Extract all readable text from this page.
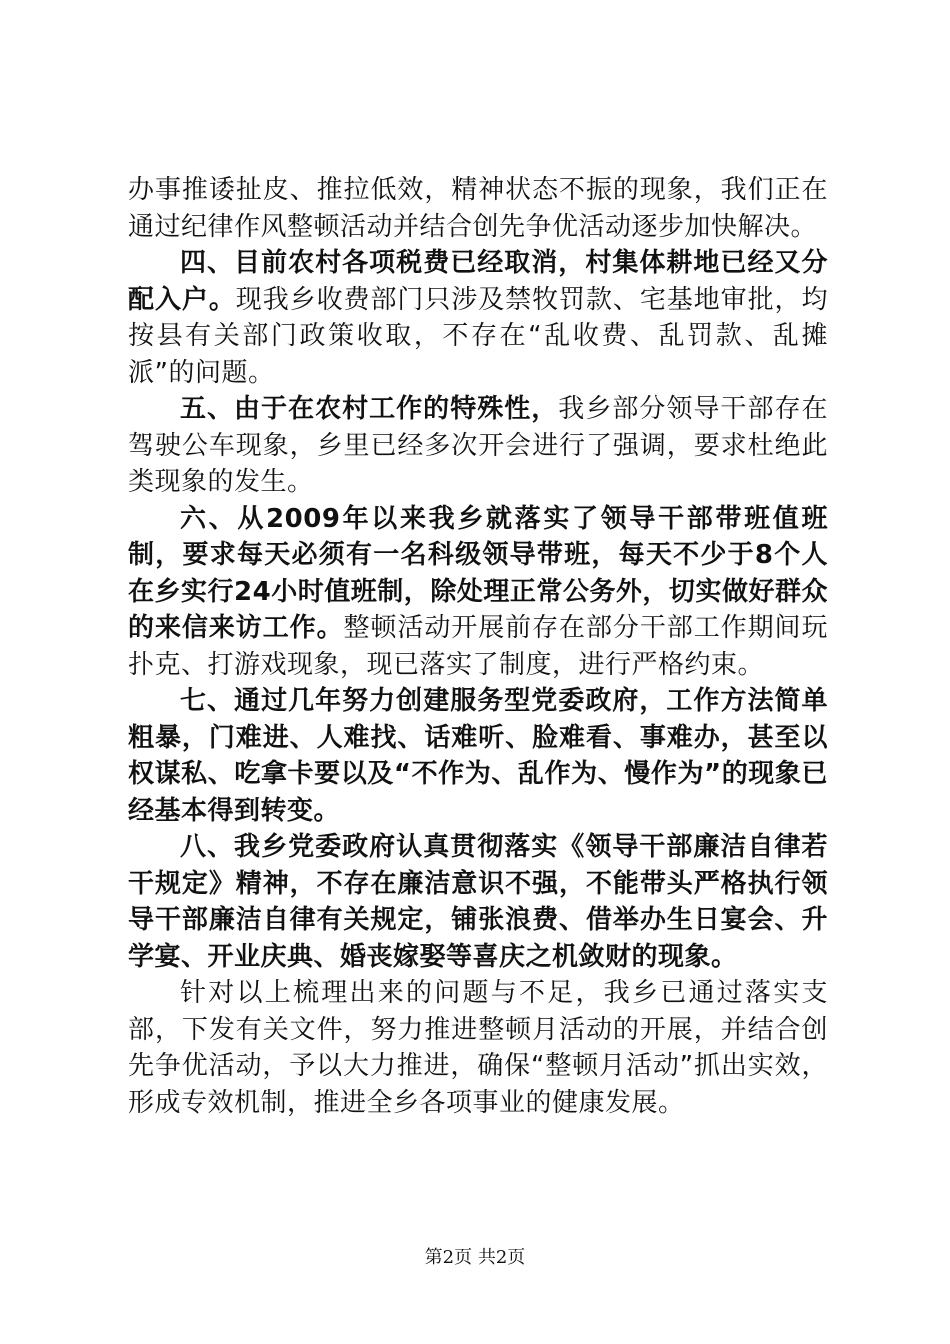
办事推诿扯皮、推拉低效，精神状态不振的现象，我们正在通过纪律作风整顿活动并结合创先争优活动逐步加快解决。

四、目前农村各项税费已经取消，村集体耕地已经又分配入户。现我乡收费部门只涉及禁牧罚款、宅基地审批，均按县有关部门政策收取，不存在“乱收费、乱罚款、乱摊派”的问题。

五、由于在农村工作的特殊性，我乡部分领导干部存在驾驶公车现象，乡里已经多次开会进行了强调，要求杜绝此类现象的发生。

六、从2009年以来我乡就落实了领导干部带班值班制，要求每天必须有一名科级领导带班，每天不少于8个人在乡实行24小时值班制，除处理正常公务外，切实做好群众的来信来访工作。整顿活动开展前存在部分干部工作期间玩扑克、打游戏现象，现已落实了制度，进行严格约束。

七、通过几年努力创建服务型党委政府，工作方法简单粗暴，门难进、人难找、话难听、脸难看、事难办，甚至以权谋私、吃拿卡要以及“不作为、乱作为、慢作为”的现象已经基本得到转变。

八、我乡党委政府认真贯彻落实《领导干部廉洁自律若干规定》精神，不存在廉洁意识不强，不能带头严格执行领导干部廉洁自律有关规定，铺张浪费、借举办生日宴会、升学宴、开业庆典、婚丧嫁娶等喜庆之机敛财的现象。

针对以上梳理出来的问题与不足，我乡已通过落实支部，下发有关文件，努力推进整顿月活动的开展，并结合创先争优活动，予以大力推进，确保“整顿月活动”抓出实效，形成专效机制，推进全乡各项事业的健康发展。

第2页 共2页
